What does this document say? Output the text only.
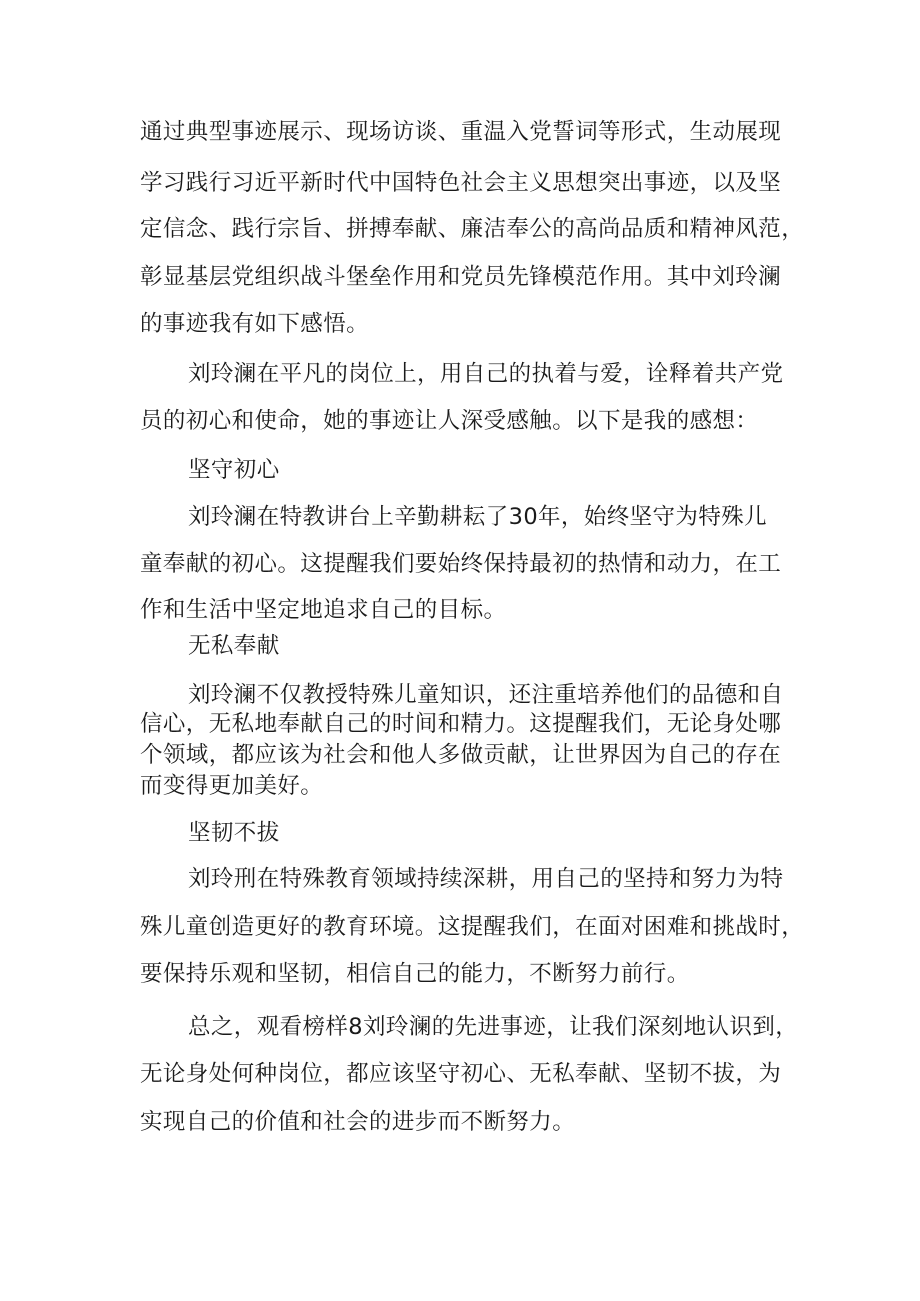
通过典型事迹展示、现场访谈、重温入党誓词等形式，生动展现
学习践行习近平新时代中国特色社会主义思想突出事迹，以及坚
定信念、践行宗旨、拼搏奉献、廉洁奉公的高尚品质和精神风范，
彰显基层党组织战斗堡垒作用和党员先锋模范作用。其中刘玲澜
的事迹我有如下感悟。
刘玲澜在平凡的岗位上，用自己的执着与爱，诠释着共产党
员的初心和使命，她的事迹让人深受感触。以下是我的感想：
坚守初心
刘玲澜在特教讲台上辛勤耕耘了30年，始终坚守为特殊儿
童奉献的初心。这提醒我们要始终保持最初的热情和动力，在工
作和生活中坚定地追求自己的目标。
无私奉献
刘玲澜不仅教授特殊儿童知识，还注重培养他们的品德和自
信心，无私地奉献自己的时间和精力。这提醒我们，无论身处哪
个领域，都应该为社会和他人多做贡献，让世界因为自己的存在
而变得更加美好。
坚韧不拔
刘玲刑在特殊教育领域持续深耕，用自己的坚持和努力为特
殊儿童创造更好的教育环境。这提醒我们，在面对困难和挑战时，
要保持乐观和坚韧，相信自己的能力，不断努力前行。
总之，观看榜样8刘玲澜的先进事迹，让我们深刻地认识到，
无论身处何种岗位，都应该坚守初心、无私奉献、坚韧不拔，为
实现自己的价值和社会的进步而不断努力。
